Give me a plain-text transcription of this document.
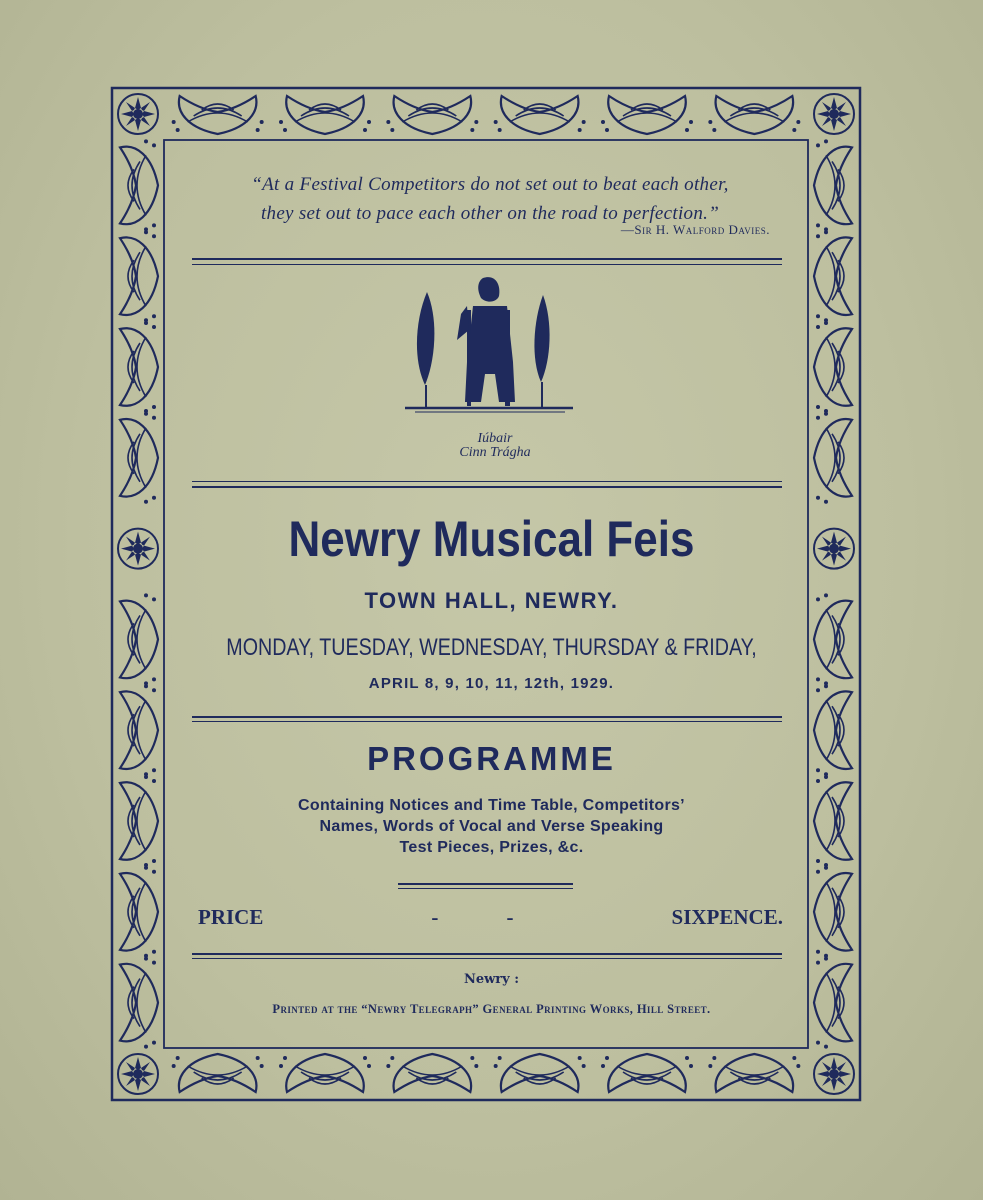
“At a Festival Competitors do not set out to beat each other,
they set out to pace each other on the road to perfection.”
—Sir H. Walford Davies.
Iúbair
Cinn Trágha
Newry Musical Feis
TOWN HALL, NEWRY.
MONDAY, TUESDAY, WEDNESDAY, THURSDAY & FRIDAY,
APRIL 8, 9, 10, 11, 12th, 1929.
PROGRAMME
Containing Notices and Time Table, Competitors’
Names, Words of Vocal and Verse Speaking
Test Pieces, Prizes, &c.
PRICE	-	-	SIXPENCE.
Newry :
Printed at the “Newry Telegraph” General Printing Works, Hill Street.
